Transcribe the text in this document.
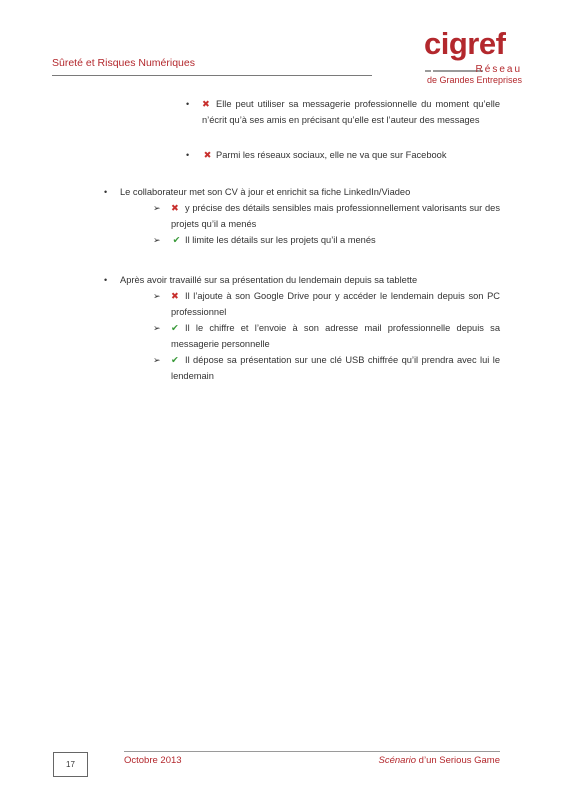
Sûreté et Risques Numériques
cigref
Réseau
de Grandes Entreprises
• ✖ Elle peut utiliser sa messagerie professionnelle du moment qu’elle n’écrit qu’à ses amis en précisant qu’elle est l’auteur des messages
• ✖ Parmi les réseaux sociaux, elle ne va que sur Facebook
• Le collaborateur met son CV à jour et enrichit sa fiche LinkedIn/Viadeo
➢ ✖ y précise des détails sensibles mais professionnellement valorisants sur des projets qu’il a menés
➢ ✔ Il limite les détails sur les projets qu’il a menés
• Après avoir travaillé sur sa présentation du lendemain depuis sa tablette
➢ ✖ Il l’ajoute à son Google Drive pour y accéder le lendemain depuis son PC professionnel
➢ ✔ Il le chiffre et l’envoie à son adresse mail professionnelle depuis sa messagerie personnelle
➢ ✔ Il dépose sa présentation sur une clé USB chiffrée qu’il prendra avec lui le lendemain
17	Octobre 2013	Scénario d’un Serious Game
